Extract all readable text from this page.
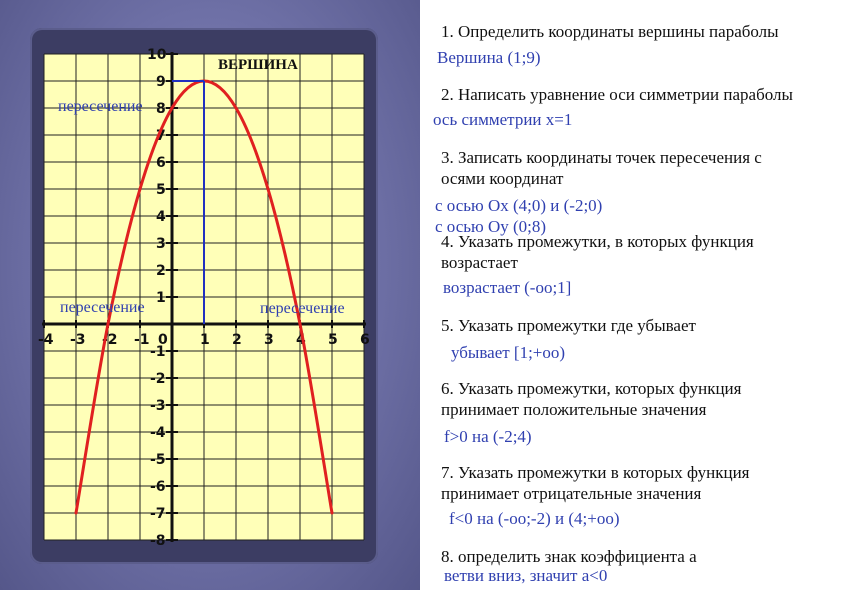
-4 -3 -2 -1	1 2 3 4 5 6
-8
-7
-6
-5
-4
-3
-2
-1
1
2
3
4
5
6
7
8
9
10
0
ВЕРШИНА
пересечение
пересечение	пересечение
1. Определить координаты вершины параболы
Вершина (1;9)
2. Написать уравнение оси симметрии параболы
ось симметрии х=1
3. Записать координаты точек пересечения с
осями координат
с осью Ох (4;0) и (-2;0)
с осью Оу (0;8)
4. Указать промежутки, в которых функция
возрастает
возрастает (-оо;1]
5. Указать промежутки где убывает
убывает [1;+оо)
6. Указать промежутки, которых функция
принимает положительные значения
f>0 на (-2;4)
7. Указать промежутки в которых функция
принимает отрицательные значения
f<0 на (-оо;-2) и (4;+оо)
8. определить знак коэффициента а
ветви вниз, значит а<0
